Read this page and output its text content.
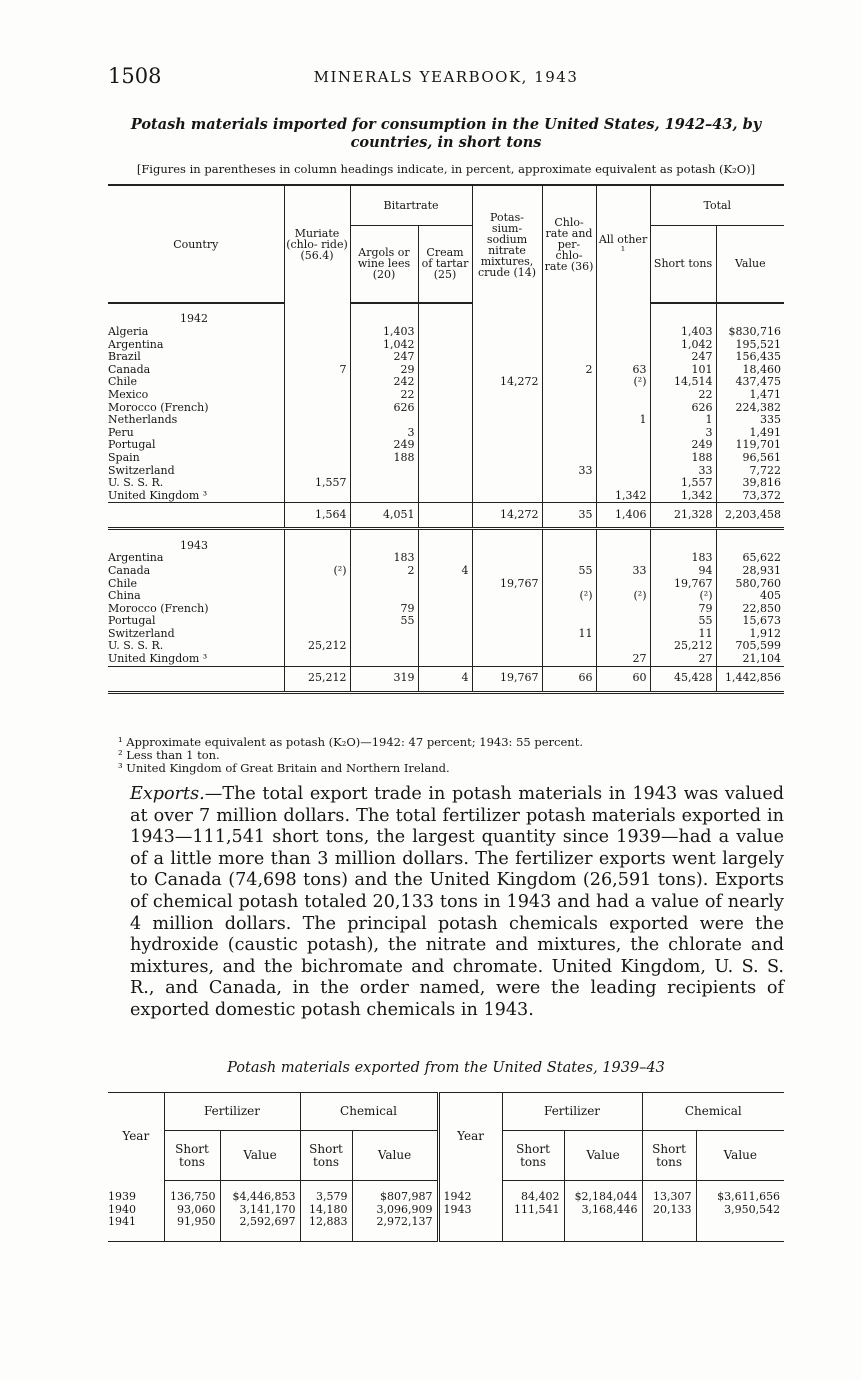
1508	MINERALS YEARBOOK, 1943
Potash materials imported for consumption in the United States, 1942–43, by
countries, in short tons
[Figures in parentheses in column headings indicate, in percent, approximate equivalent as potash (K₂O)]
Country	Muriate (chlo- ride) (56.4)	Bitartrate		Potas- sium- sodium nitrate mixtures, crude (14)	Chlo- rate and per- chlo- rate (36)	All other ¹	Total	
		Argols or wine lees (20)	Cream of tartar (25)				Short tons	Value
1942								
Algeria		1,403					1,403	$830,716
Argentina		1,042					1,042	195,521
Brazil		247					247	156,435
Canada	7	29			2	63	101	18,460
Chile		242		14,272		(²)	14,514	437,475
Mexico		22					22	1,471
Morocco (French)		626					626	224,382
Netherlands						1	1	335
Peru		3					3	1,491
Portugal		249					249	119,701
Spain		188					188	96,561
Switzerland					33		33	7,722
U. S. S. R.	1,557						1,557	39,816
United Kingdom ³						1,342	1,342	73,372
	1,564	4,051		14,272	35	1,406	21,328	2,203,458
1943								
Argentina		183					183	65,622
Canada	(²)	2	4		55	33	94	28,931
Chile				19,767			19,767	580,760
China					(²)	(²)	(²)	405
Morocco (French)		79					79	22,850
Portugal		55					55	15,673
Switzerland					11		11	1,912
U. S. S. R.	25,212						25,212	705,599
United Kingdom ³						27	27	21,104
	25,212	319	4	19,767	66	60	45,428	1,442,856
¹ Approximate equivalent as potash (K₂O)—1942: 47 percent; 1943: 55 percent.
² Less than 1 ton.
³ United Kingdom of Great Britain and Northern Ireland.
Exports.—The total export trade in potash materials in 1943 was valued at over 7 million dollars. The total fertilizer potash materials exported in 1943—111,541 short tons, the largest quantity since 1939—had a value of a little more than 3 million dollars. The fertilizer exports went largely to Canada (74,698 tons) and the United Kingdom (26,591 tons). Exports of chemical potash totaled 20,133 tons in 1943 and had a value of nearly 4 million dollars. The principal potash chemicals exported were the hydroxide (caustic potash), the nitrate and mixtures, the chlorate and mixtures, and the bichromate and chromate. United Kingdom, U. S. S. R., and Canada, in the order named, were the leading recipients of exported domestic potash chemicals in 1943.
Potash materials exported from the United States, 1939–43
Year	Fertilizer		Chemical		Year	Fertilizer		Chemical	
	Short tons	Value	Short tons	Value		Short tons	Value	Short tons	Value

1939	136,750	$4,446,853	3,579	$807,987	1942	84,402	$2,184,044	13,307	$3,611,656
1940	93,060	3,141,170	14,180	3,096,909	1943	111,541	3,168,446	20,133	3,950,542
1941	91,950	2,592,697	12,883	2,972,137					
